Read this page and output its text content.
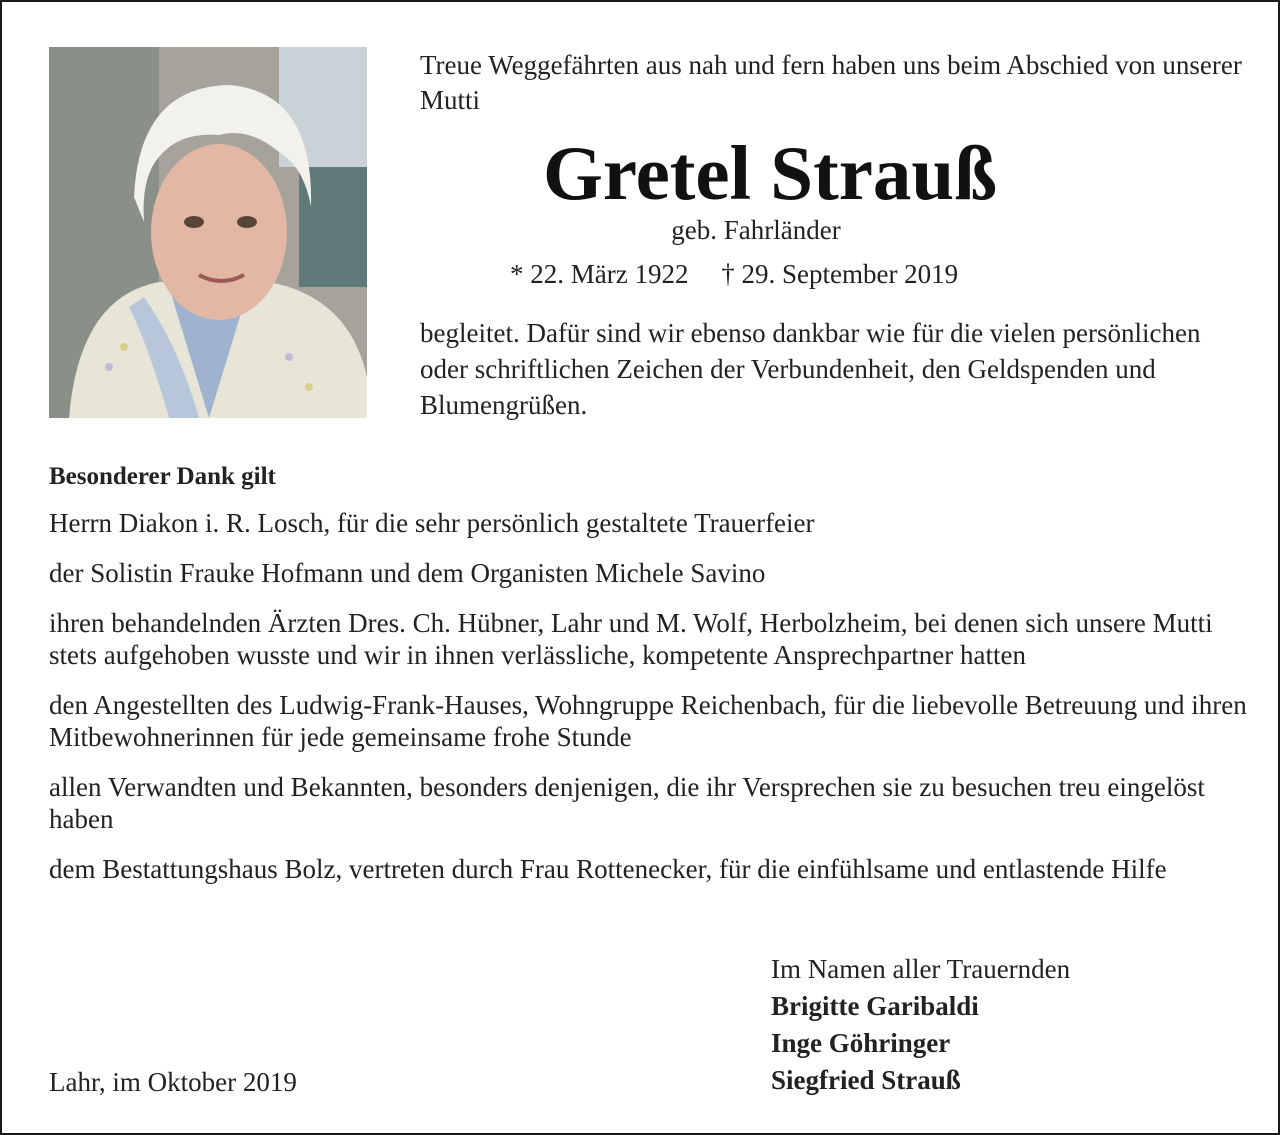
Treue Weggefährten aus nah und fern haben uns beim Abschied von unserer Mutti
Gretel Strauß
geb. Fahrländer
* 22. März 1922 † 29. September 2019
begleitet. Dafür sind wir ebenso dankbar wie für die vielen persönlichen oder schriftlichen Zeichen der Verbundenheit, den Geldspenden und Blumengrüßen.
Besonderer Dank gilt
Herrn Diakon i. R. Losch, für die sehr persönlich gestaltete Trauerfeier
der Solistin Frauke Hofmann und dem Organisten Michele Savino
ihren behandelnden Ärzten Dres. Ch. Hübner, Lahr und M. Wolf, Herbolzheim, bei denen sich unsere Mutti stets aufgehoben wusste und wir in ihnen verlässliche, kompetente Ansprechpartner hatten
den Angestellten des Ludwig-Frank-Hauses, Wohngruppe Reichenbach, für die liebevolle Betreuung und ihren Mitbewohnerinnen für jede gemeinsame frohe Stunde
allen Verwandten und Bekannten, besonders denjenigen, die ihr Versprechen sie zu besuchen treu eingelöst haben
dem Bestattungshaus Bolz, vertreten durch Frau Rottenecker, für die einfühlsame und entlastende Hilfe
Im Namen aller Trauernden
Brigitte Garibaldi
Inge Göhringer
Siegfried Strauß
Lahr, im Oktober 2019
